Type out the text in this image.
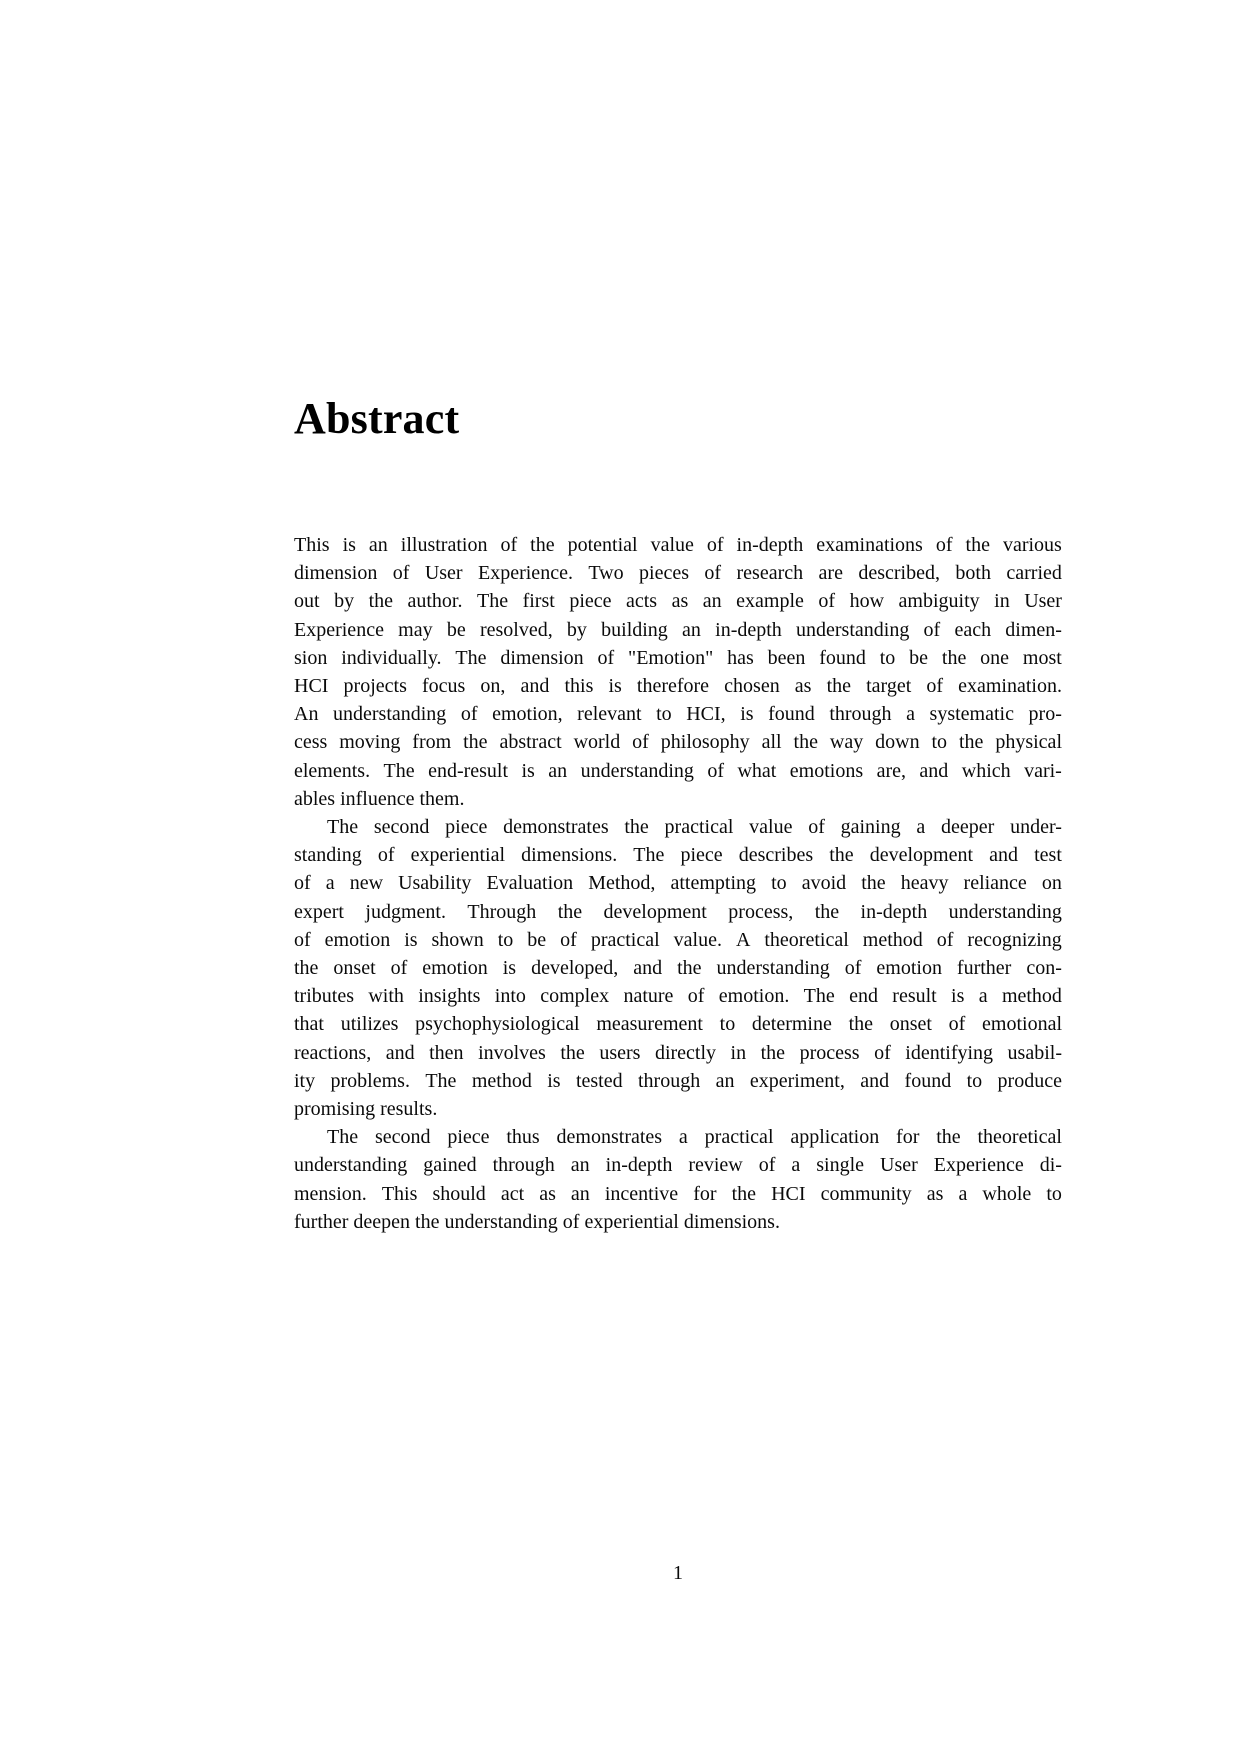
Abstract
This is an illustration of the potential value of in-depth examinations of the various
dimension of User Experience. Two pieces of research are described, both carried
out by the author. The first piece acts as an example of how ambiguity in User
Experience may be resolved, by building an in-depth understanding of each dimen-
sion individually. The dimension of "Emotion" has been found to be the one most
HCI projects focus on, and this is therefore chosen as the target of examination.
An understanding of emotion, relevant to HCI, is found through a systematic pro-
cess moving from the abstract world of philosophy all the way down to the physical
elements. The end-result is an understanding of what emotions are, and which vari-
ables influence them.
The second piece demonstrates the practical value of gaining a deeper under-
standing of experiential dimensions. The piece describes the development and test
of a new Usability Evaluation Method, attempting to avoid the heavy reliance on
expert judgment. Through the development process, the in-depth understanding
of emotion is shown to be of practical value. A theoretical method of recognizing
the onset of emotion is developed, and the understanding of emotion further con-
tributes with insights into complex nature of emotion. The end result is a method
that utilizes psychophysiological measurement to determine the onset of emotional
reactions, and then involves the users directly in the process of identifying usabil-
ity problems. The method is tested through an experiment, and found to produce
promising results.
The second piece thus demonstrates a practical application for the theoretical
understanding gained through an in-depth review of a single User Experience di-
mension. This should act as an incentive for the HCI community as a whole to
further deepen the understanding of experiential dimensions.
1
